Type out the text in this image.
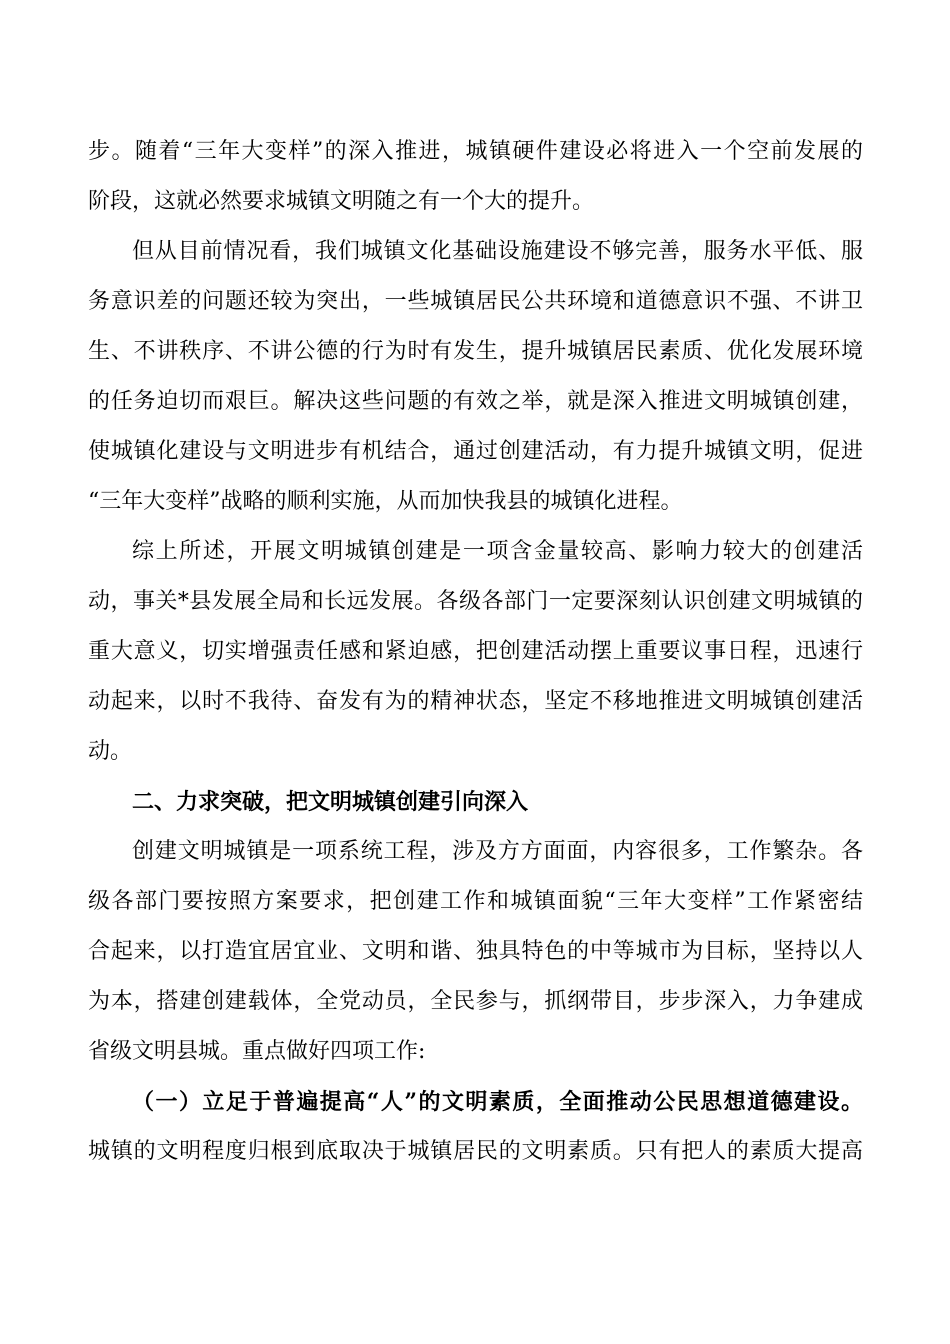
步。随着“三年大变样”的深入推进，城镇硬件建设必将进入一个空前发展的
阶段，这就必然要求城镇文明随之有一个大的提升。
但从目前情况看，我们城镇文化基础设施建设不够完善，服务水平低、服
务意识差的问题还较为突出，一些城镇居民公共环境和道德意识不强、不讲卫
生、不讲秩序、不讲公德的行为时有发生，提升城镇居民素质、优化发展环境
的任务迫切而艰巨。解决这些问题的有效之举，就是深入推进文明城镇创建，
使城镇化建设与文明进步有机结合，通过创建活动，有力提升城镇文明，促进
“三年大变样”战略的顺利实施，从而加快我县的城镇化进程。
综上所述，开展文明城镇创建是一项含金量较高、影响力较大的创建活
动，事关*县发展全局和长远发展。各级各部门一定要深刻认识创建文明城镇的
重大意义，切实增强责任感和紧迫感，把创建活动摆上重要议事日程，迅速行
动起来，以时不我待、奋发有为的精神状态，坚定不移地推进文明城镇创建活
动。
二、力求突破，把文明城镇创建引向深入
创建文明城镇是一项系统工程，涉及方方面面，内容很多，工作繁杂。各
级各部门要按照方案要求，把创建工作和城镇面貌“三年大变样”工作紧密结
合起来，以打造宜居宜业、文明和谐、独具特色的中等城市为目标，坚持以人
为本，搭建创建载体，全党动员，全民参与，抓纲带目，步步深入，力争建成
省级文明县城。重点做好四项工作:
（一）立足于普遍提高“人”的文明素质，全面推动公民思想道德建设。
城镇的文明程度归根到底取决于城镇居民的文明素质。只有把人的素质大提高
